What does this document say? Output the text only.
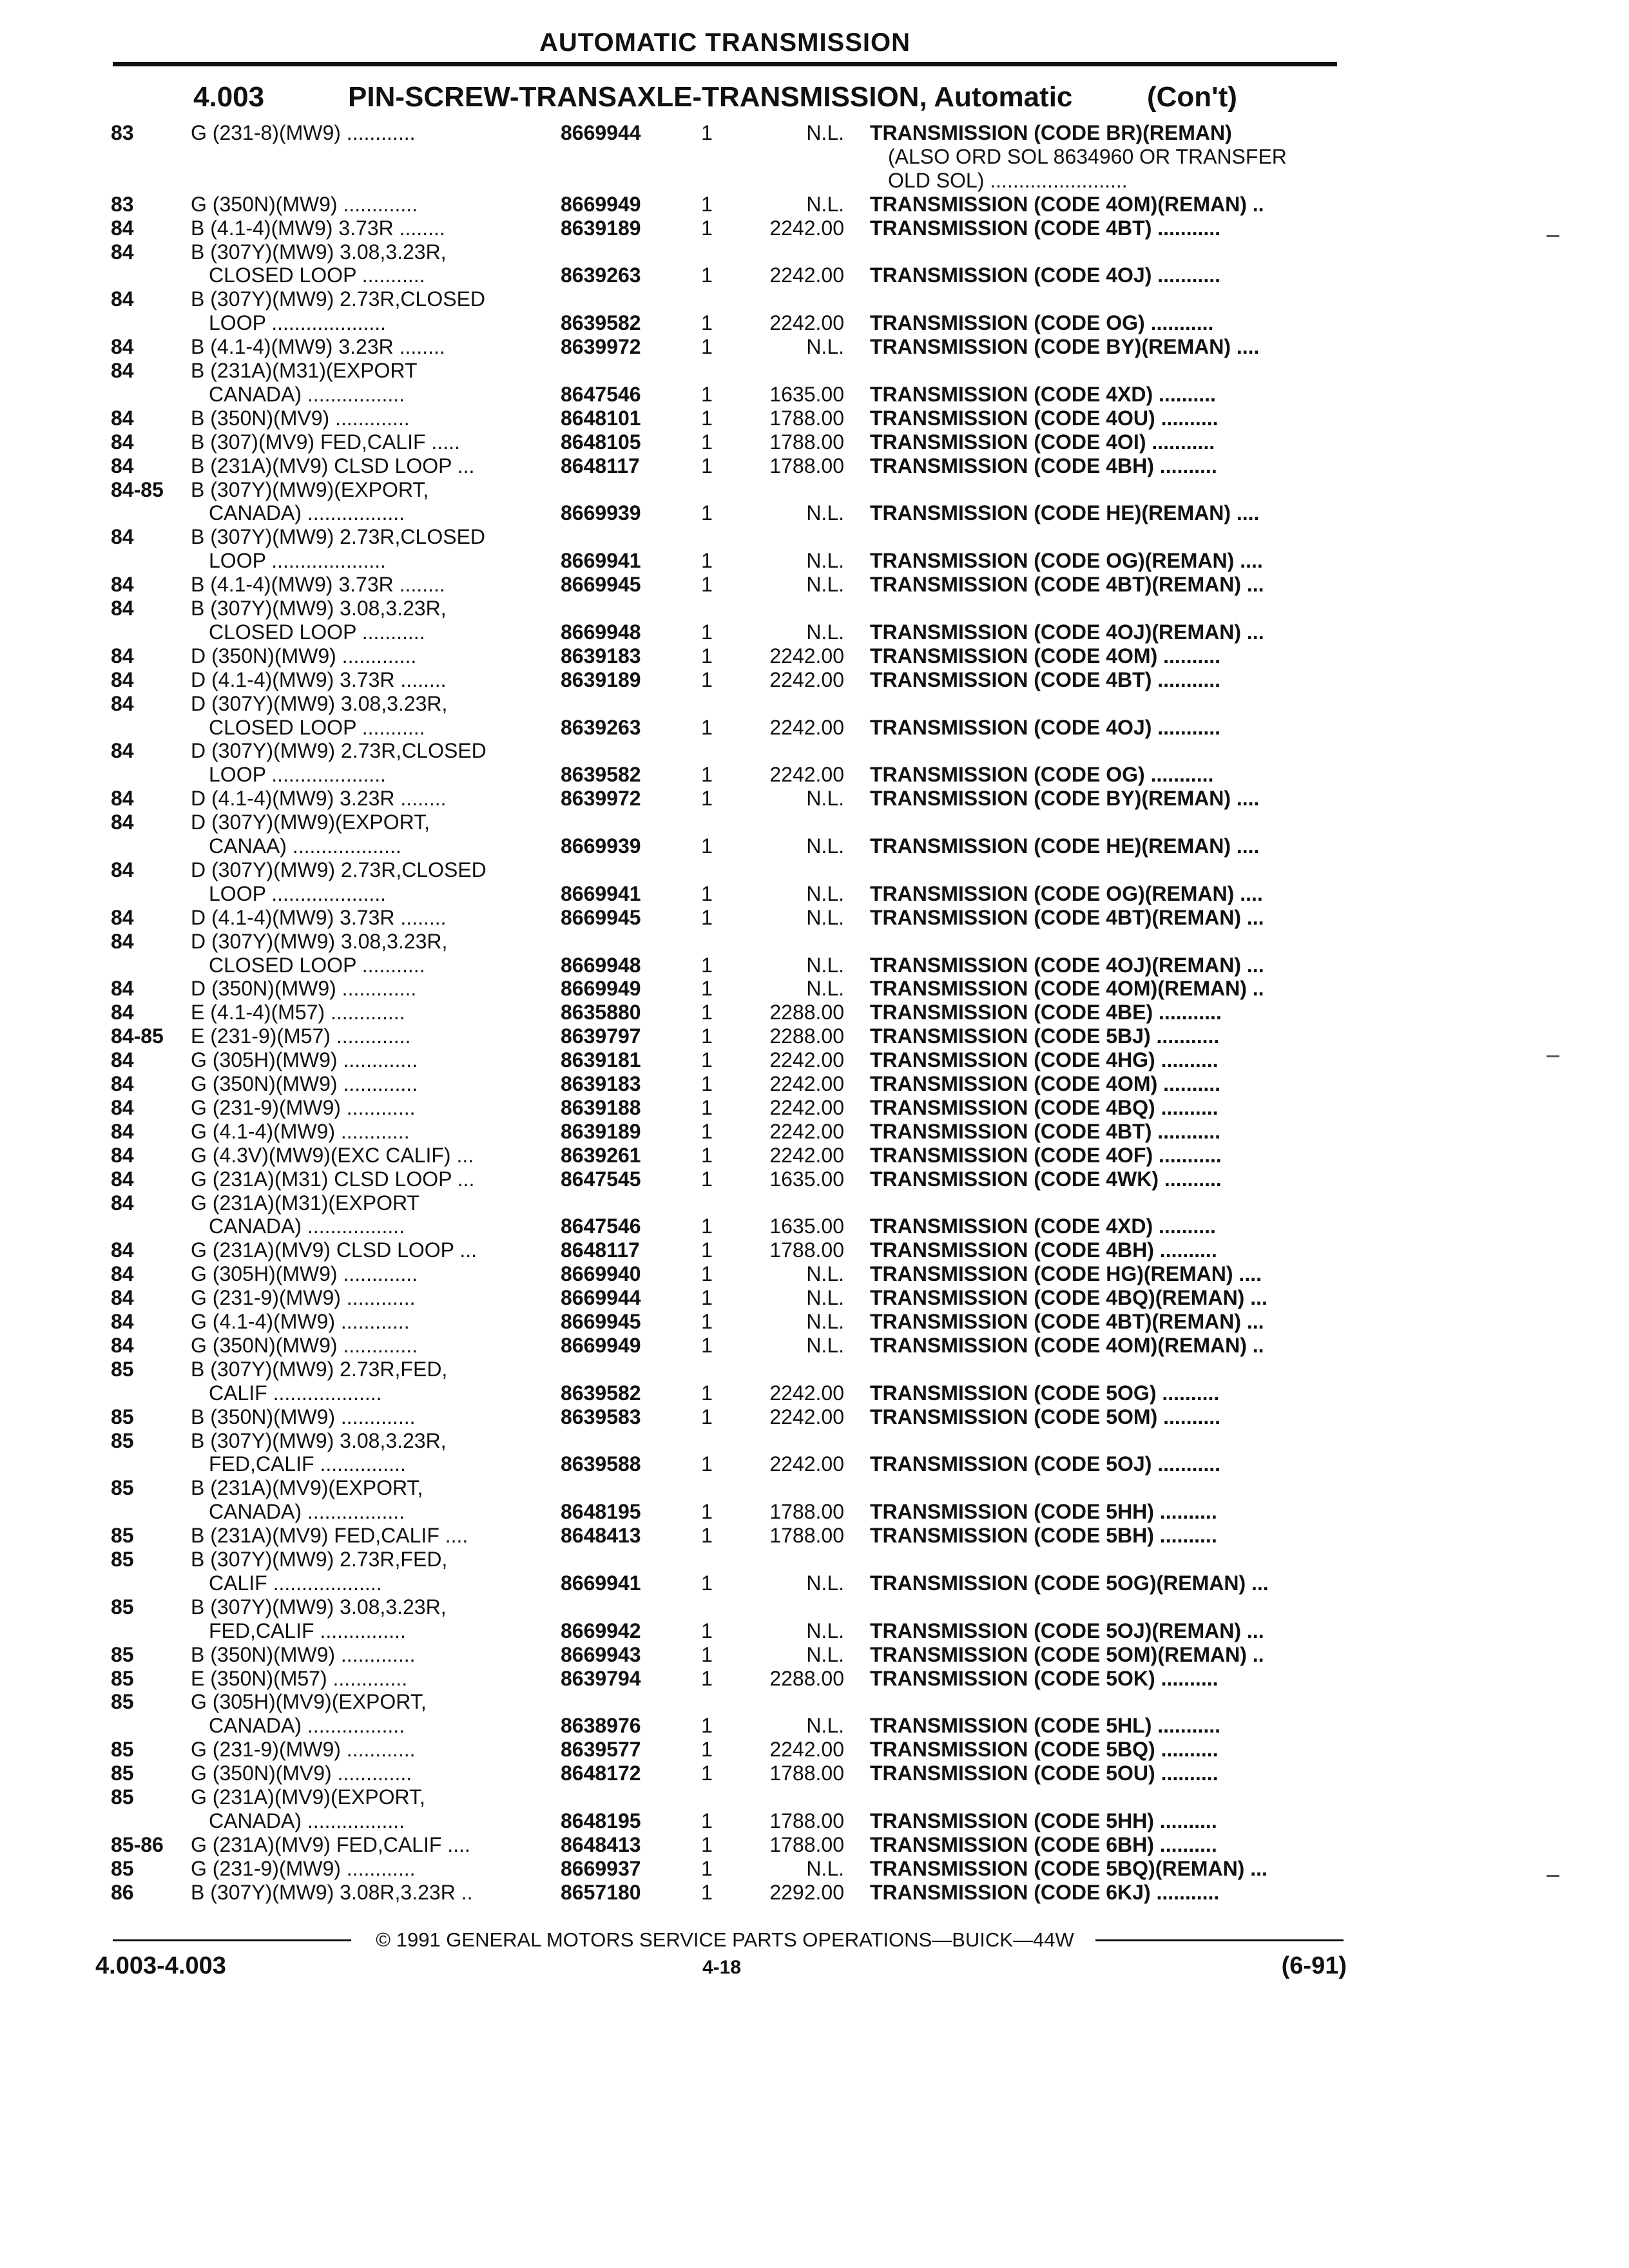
AUTOMATIC TRANSMISSION
4.003	PIN-SCREW-TRANSAXLE-TRANSMISSION, Automatic	(Con't)
83	G (231-8)(MW9) ............	8669944	1	N.L. TRANSMISSION (CODE BR)(REMAN)
(ALSO ORD SOL 8634960 OR TRANSFER
OLD SOL) ........................
83	G (350N)(MW9) .............	8669949	1	N.L. TRANSMISSION (CODE 4OM)(REMAN) ..
84	B (4.1-4)(MW9) 3.73R ........	8639189	1	2242.00 TRANSMISSION (CODE 4BT) ...........
84	B (307Y)(MW9) 3.08,3.23R,
CLOSED LOOP ...........	8639263	1	2242.00 TRANSMISSION (CODE 4OJ) ...........
84	B (307Y)(MW9) 2.73R,CLOSED
LOOP ....................	8639582	1	2242.00 TRANSMISSION (CODE OG) ...........
84	B (4.1-4)(MW9) 3.23R ........	8639972	1	N.L. TRANSMISSION (CODE BY)(REMAN) ....
84	B (231A)(M31)(EXPORT
CANADA) .................	8647546	1	1635.00 TRANSMISSION (CODE 4XD) ..........
84	B (350N)(MV9) .............	8648101	1	1788.00 TRANSMISSION (CODE 4OU) ..........
84	B (307)(MV9) FED,CALIF .....	8648105	1	1788.00 TRANSMISSION (CODE 4OI) ...........
84	B (231A)(MV9) CLSD LOOP ...	8648117	1	1788.00 TRANSMISSION (CODE 4BH) ..........
84-85	B (307Y)(MW9)(EXPORT,
CANADA) .................	8669939	1	N.L. TRANSMISSION (CODE HE)(REMAN) ....
84	B (307Y)(MW9) 2.73R,CLOSED
LOOP ....................	8669941	1	N.L. TRANSMISSION (CODE OG)(REMAN) ....
84	B (4.1-4)(MW9) 3.73R ........	8669945	1	N.L. TRANSMISSION (CODE 4BT)(REMAN) ...
84	B (307Y)(MW9) 3.08,3.23R,
CLOSED LOOP ...........	8669948	1	N.L. TRANSMISSION (CODE 4OJ)(REMAN) ...
84	D (350N)(MW9) .............	8639183	1	2242.00 TRANSMISSION (CODE 4OM) ..........
84	D (4.1-4)(MW9) 3.73R ........	8639189	1	2242.00 TRANSMISSION (CODE 4BT) ...........
84	D (307Y)(MW9) 3.08,3.23R,
CLOSED LOOP ...........	8639263	1	2242.00 TRANSMISSION (CODE 4OJ) ...........
84	D (307Y)(MW9) 2.73R,CLOSED
LOOP ....................	8639582	1	2242.00 TRANSMISSION (CODE OG) ...........
84	D (4.1-4)(MW9) 3.23R ........	8639972	1	N.L. TRANSMISSION (CODE BY)(REMAN) ....
84	D (307Y)(MW9)(EXPORT,
CANAA) ...................	8669939	1	N.L. TRANSMISSION (CODE HE)(REMAN) ....
84	D (307Y)(MW9) 2.73R,CLOSED
LOOP ....................	8669941	1	N.L. TRANSMISSION (CODE OG)(REMAN) ....
84	D (4.1-4)(MW9) 3.73R ........	8669945	1	N.L. TRANSMISSION (CODE 4BT)(REMAN) ...
84	D (307Y)(MW9) 3.08,3.23R,
CLOSED LOOP ...........	8669948	1	N.L. TRANSMISSION (CODE 4OJ)(REMAN) ...
84	D (350N)(MW9) .............	8669949	1	N.L. TRANSMISSION (CODE 4OM)(REMAN) ..
84	E (4.1-4)(M57) .............	8635880	1	2288.00 TRANSMISSION (CODE 4BE) ...........
84-85	E (231-9)(M57) .............	8639797	1	2288.00 TRANSMISSION (CODE 5BJ) ...........
84	G (305H)(MW9) .............	8639181	1	2242.00 TRANSMISSION (CODE 4HG) ..........
84	G (350N)(MW9) .............	8639183	1	2242.00 TRANSMISSION (CODE 4OM) ..........
84	G (231-9)(MW9) ............	8639188	1	2242.00 TRANSMISSION (CODE 4BQ) ..........
84	G (4.1-4)(MW9) ............	8639189	1	2242.00 TRANSMISSION (CODE 4BT) ...........
84	G (4.3V)(MW9)(EXC CALIF) ...	8639261	1	2242.00 TRANSMISSION (CODE 4OF) ...........
84	G (231A)(M31) CLSD LOOP ...	8647545	1	1635.00 TRANSMISSION (CODE 4WK) ..........
84	G (231A)(M31)(EXPORT
CANADA) .................	8647546	1	1635.00 TRANSMISSION (CODE 4XD) ..........
84	G (231A)(MV9) CLSD LOOP ...	8648117	1	1788.00 TRANSMISSION (CODE 4BH) ..........
84	G (305H)(MW9) .............	8669940	1	N.L. TRANSMISSION (CODE HG)(REMAN) ....
84	G (231-9)(MW9) ............	8669944	1	N.L. TRANSMISSION (CODE 4BQ)(REMAN) ...
84	G (4.1-4)(MW9) ............	8669945	1	N.L. TRANSMISSION (CODE 4BT)(REMAN) ...
84	G (350N)(MW9) .............	8669949	1	N.L. TRANSMISSION (CODE 4OM)(REMAN) ..
85	B (307Y)(MW9) 2.73R,FED,
CALIF ...................	8639582	1	2242.00 TRANSMISSION (CODE 5OG) ..........
85	B (350N)(MW9) .............	8639583	1	2242.00 TRANSMISSION (CODE 5OM) ..........
85	B (307Y)(MW9) 3.08,3.23R,
FED,CALIF ...............	8639588	1	2242.00 TRANSMISSION (CODE 5OJ) ...........
85	B (231A)(MV9)(EXPORT,
CANADA) .................	8648195	1	1788.00 TRANSMISSION (CODE 5HH) ..........
85	B (231A)(MV9) FED,CALIF ....	8648413	1	1788.00 TRANSMISSION (CODE 5BH) ..........
85	B (307Y)(MW9) 2.73R,FED,
CALIF ...................	8669941	1	N.L. TRANSMISSION (CODE 5OG)(REMAN) ...
85	B (307Y)(MW9) 3.08,3.23R,
FED,CALIF ...............	8669942	1	N.L. TRANSMISSION (CODE 5OJ)(REMAN) ...
85	B (350N)(MW9) .............	8669943	1	N.L. TRANSMISSION (CODE 5OM)(REMAN) ..
85	E (350N)(M57) .............	8639794	1	2288.00 TRANSMISSION (CODE 5OK) ..........
85	G (305H)(MV9)(EXPORT,
CANADA) .................	8638976	1	N.L. TRANSMISSION (CODE 5HL) ...........
85	G (231-9)(MW9) ............	8639577	1	2242.00 TRANSMISSION (CODE 5BQ) ..........
85	G (350N)(MV9) .............	8648172	1	1788.00 TRANSMISSION (CODE 5OU) ..........
85	G (231A)(MV9)(EXPORT,
CANADA) .................	8648195	1	1788.00 TRANSMISSION (CODE 5HH) ..........
85-86	G (231A)(MV9) FED,CALIF ....	8648413	1	1788.00 TRANSMISSION (CODE 6BH) ..........
85	G (231-9)(MW9) ............	8669937	1	N.L. TRANSMISSION (CODE 5BQ)(REMAN) ...
86	B (307Y)(MW9) 3.08R,3.23R ..	8657180	1	2292.00 TRANSMISSION (CODE 6KJ) ...........
© 1991 GENERAL MOTORS SERVICE PARTS OPERATIONS—BUICK—44W
4.003-4.003	4-18	(6-91)
